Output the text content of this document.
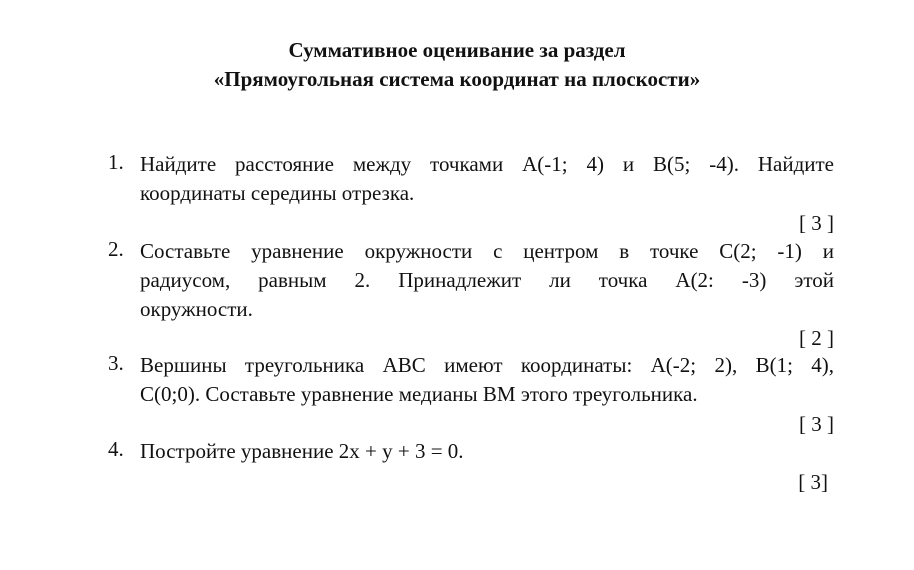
Суммативное оценивание за раздел
«Прямоугольная система координат на плоскости»
1. Найдите расстояние между точками А(-1; 4) и В(5; -4). Найдите
координаты середины отрезка.
[ 3 ]
2. Составьте уравнение окружности с центром в точке С(2; -1) и
радиусом, равным 2. Принадлежит ли точка А(2: -3) этой
окружности.
[ 2 ]
3. Вершины треугольника АВС имеют координаты: А(-2; 2), В(1; 4),
С(0;0). Составьте уравнение медианы ВМ этого треугольника.
[ 3 ]
4. Постройте уравнение 2х + у + 3 = 0.
[ 3]
